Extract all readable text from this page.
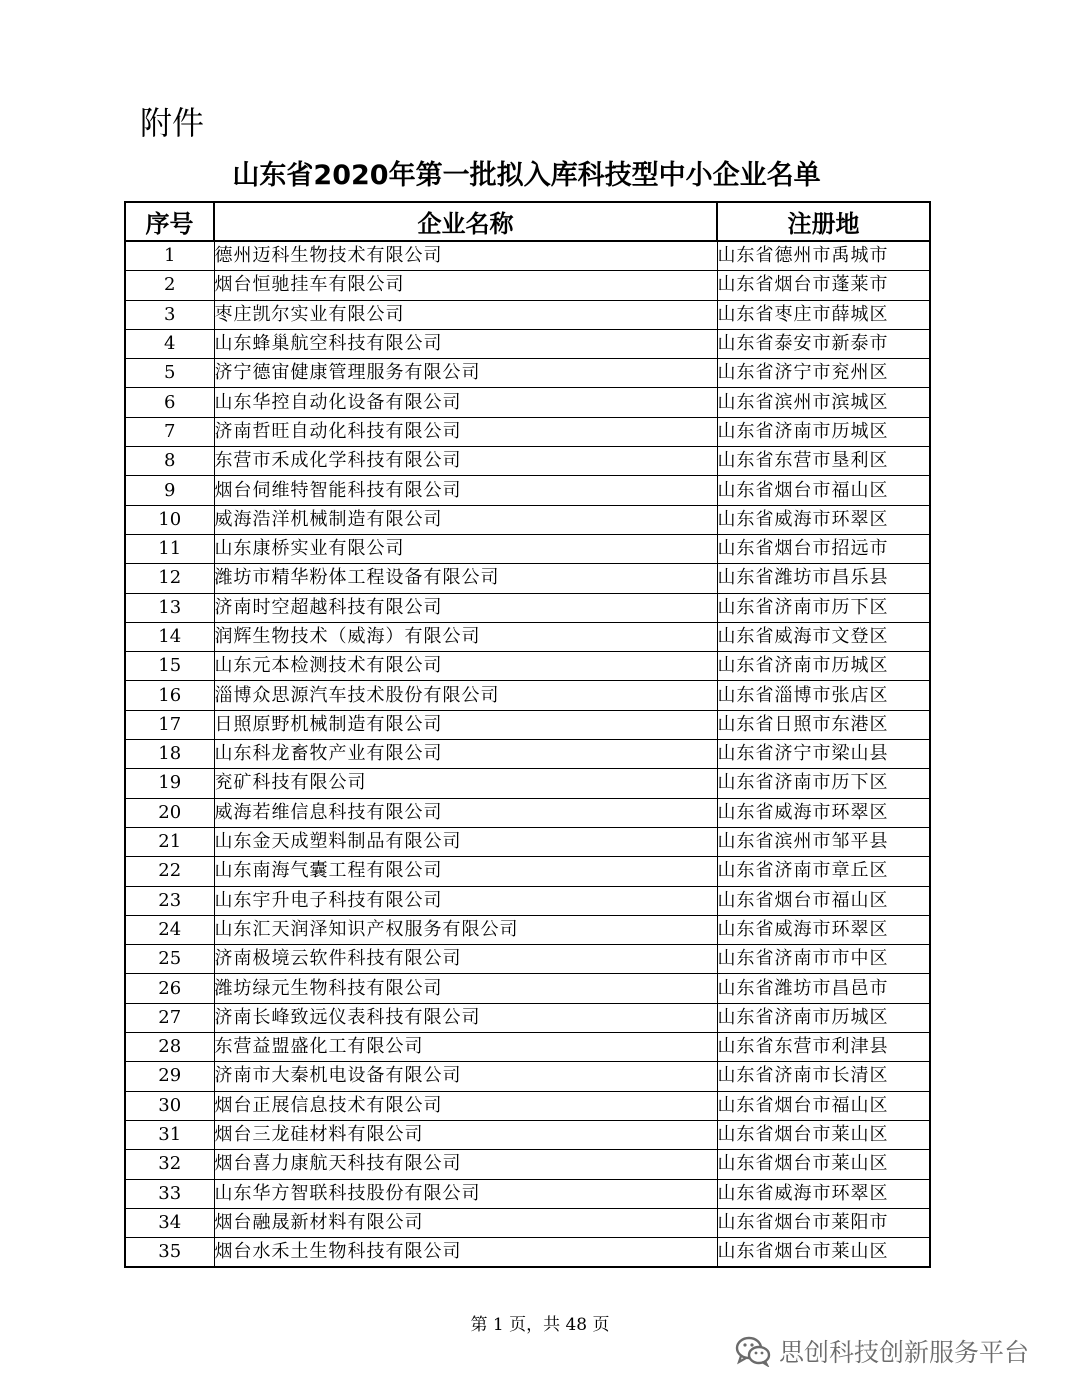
附件
山东省2020年第一批拟入库科技型中小企业名单
序号	企业名称	注册地
1	德州迈科生物技术有限公司	山东省德州市禹城市
2	烟台恒驰挂车有限公司	山东省烟台市蓬莱市
3	枣庄凯尔实业有限公司	山东省枣庄市薛城区
4	山东蜂巢航空科技有限公司	山东省泰安市新泰市
5	济宁德宙健康管理服务有限公司	山东省济宁市兖州区
6	山东华控自动化设备有限公司	山东省滨州市滨城区
7	济南哲旺自动化科技有限公司	山东省济南市历城区
8	东营市禾成化学科技有限公司	山东省东营市垦利区
9	烟台伺维特智能科技有限公司	山东省烟台市福山区
10	威海浩洋机械制造有限公司	山东省威海市环翠区
11	山东康桥实业有限公司	山东省烟台市招远市
12	潍坊市精华粉体工程设备有限公司	山东省潍坊市昌乐县
13	济南时空超越科技有限公司	山东省济南市历下区
14	润辉生物技术（威海）有限公司	山东省威海市文登区
15	山东元本检测技术有限公司	山东省济南市历城区
16	淄博众思源汽车技术股份有限公司	山东省淄博市张店区
17	日照原野机械制造有限公司	山东省日照市东港区
18	山东科龙畜牧产业有限公司	山东省济宁市梁山县
19	兖矿科技有限公司	山东省济南市历下区
20	威海若维信息科技有限公司	山东省威海市环翠区
21	山东金天成塑料制品有限公司	山东省滨州市邹平县
22	山东南海气囊工程有限公司	山东省济南市章丘区
23	山东宇升电子科技有限公司	山东省烟台市福山区
24	山东汇天润泽知识产权服务有限公司	山东省威海市环翠区
25	济南极境云软件科技有限公司	山东省济南市市中区
26	潍坊绿元生物科技有限公司	山东省潍坊市昌邑市
27	济南长峰致远仪表科技有限公司	山东省济南市历城区
28	东营益盟盛化工有限公司	山东省东营市利津县
29	济南市大秦机电设备有限公司	山东省济南市长清区
30	烟台正展信息技术有限公司	山东省烟台市福山区
31	烟台三龙硅材料有限公司	山东省烟台市莱山区
32	烟台喜力康航天科技有限公司	山东省烟台市莱山区
33	山东华方智联科技股份有限公司	山东省威海市环翠区
34	烟台融晟新材料有限公司	山东省烟台市莱阳市
35	烟台水禾土生物科技有限公司	山东省烟台市莱山区
第 1 页，共 48 页
思创科技创新服务平台
